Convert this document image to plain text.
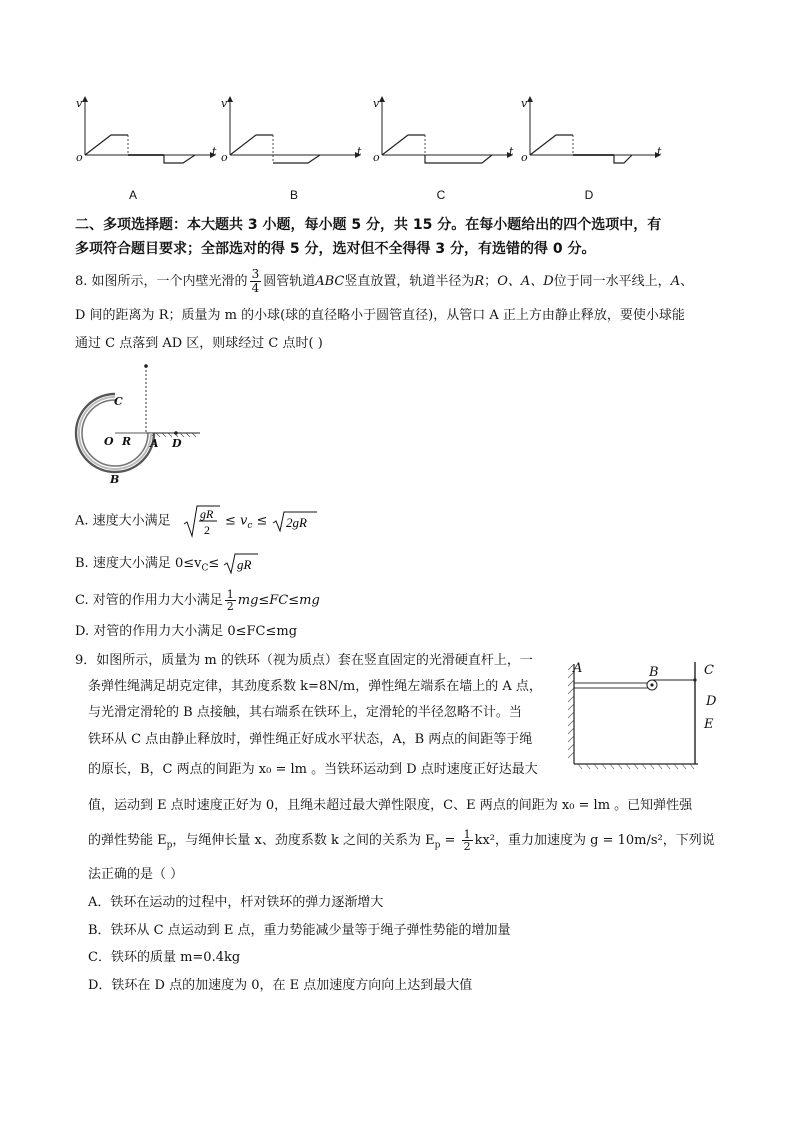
v
o	t
v
o	t
v
o	t
v
o	t
A	B	C	D
二、多项选择题：本大题共 3 小题，每小题 5 分，共 15 分。在每小题给出的四个选项中，有
多项符合题目要求；全部选对的得 5 分，选对但不全得得 3 分，有选错的得 0 分。
8. 如图所示，一个内壁光滑的 $\frac{3}{4}$ 圆管轨道ABC竖直放置，轨道半径为R；O、A、D位于同一水平线上，A、
D 间的距离为 R；质量为 m 的小球(球的直径略小于圆管直径)，从管口 A 正上方由静止释放，要使小球能
通过 C 点落到 AD 区，则球经过 C 点时( )
C
O R A D
B
A. 速度大小满足 gR
2
≤ $v_c \le 2gR$
B. 速度大小满足 $0\le v_C\le$ gR
C. 对管的作用力大小满足 $\frac{1}{2} mg\le FC\le mg$
D. 对管的作用力大小满足 0≤FC≤mg
9．如图所示，质量为 m 的铁环（视为质点）套在竖直固定的光滑硬直杆上，一
条弹性绳满足胡克定律，其劲度系数 k=8N/m，弹性绳左端系在墙上的 A 点，
与光滑定滑轮的 B 点接触，其右端系在铁环上，定滑轮的半径忽略不计。当
铁环从 C 点由静止释放时，弹性绳正好成水平状态，A，B 两点的间距等于绳
的原长，B，C 两点的间距为 x₀ = lm 。当铁环运动到 D 点时速度正好达最大
A	B	C
D
E
值，运动到 E 点时速度正好为 0，且绳未超过最大弹性限度，C、E 两点的间距为 x₀ = lm 。已知弹性强
的弹性势能 $E_p$，与绳伸长量 x、劲度系数 k 之间的关系为 $E_p = \frac{1}{2} kx^2$，重力加速度为 g = 10m/s²，下列说
法正确的是（ ）
A．铁环在运动的过程中，杆对铁环的弹力逐渐增大
B．铁环从 C 点运动到 E 点，重力势能减少量等于绳子弹性势能的增加量
C．铁环的质量 m=0.4kg
D．铁环在 D 点的加速度为 0，在 E 点加速度方向向上达到最大值
